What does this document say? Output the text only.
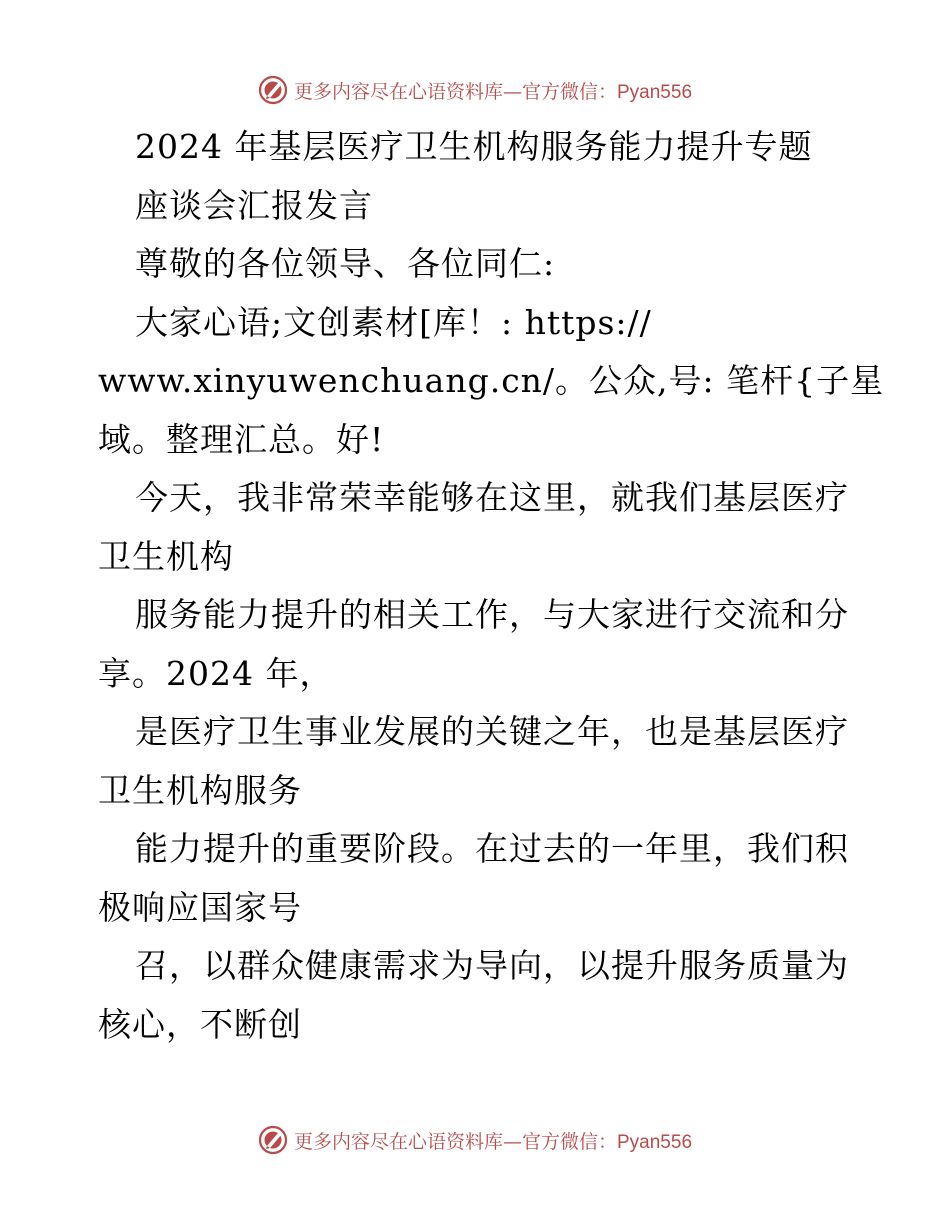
更多内容尽在心语资料库—官方微信：Pyan556
2024 年基层医疗卫生机构服务能力提升专题
座谈会汇报发言
尊敬的各位领导、各位同仁:
大家心语;文创素材[库！: https://
www.xinyuwenchuang.cn/。公众,号: 笔杆{子星
域。整理汇总。好!
今天，我非常荣幸能够在这里，就我们基层医疗
卫生机构
服务能力提升的相关工作，与大家进行交流和分
享。2024 年，
是医疗卫生事业发展的关键之年，也是基层医疗
卫生机构服务
能力提升的重要阶段。在过去的一年里，我们积
极响应国家号
召，以群众健康需求为导向，以提升服务质量为
核心，不断创
更多内容尽在心语资料库—官方微信：Pyan556
